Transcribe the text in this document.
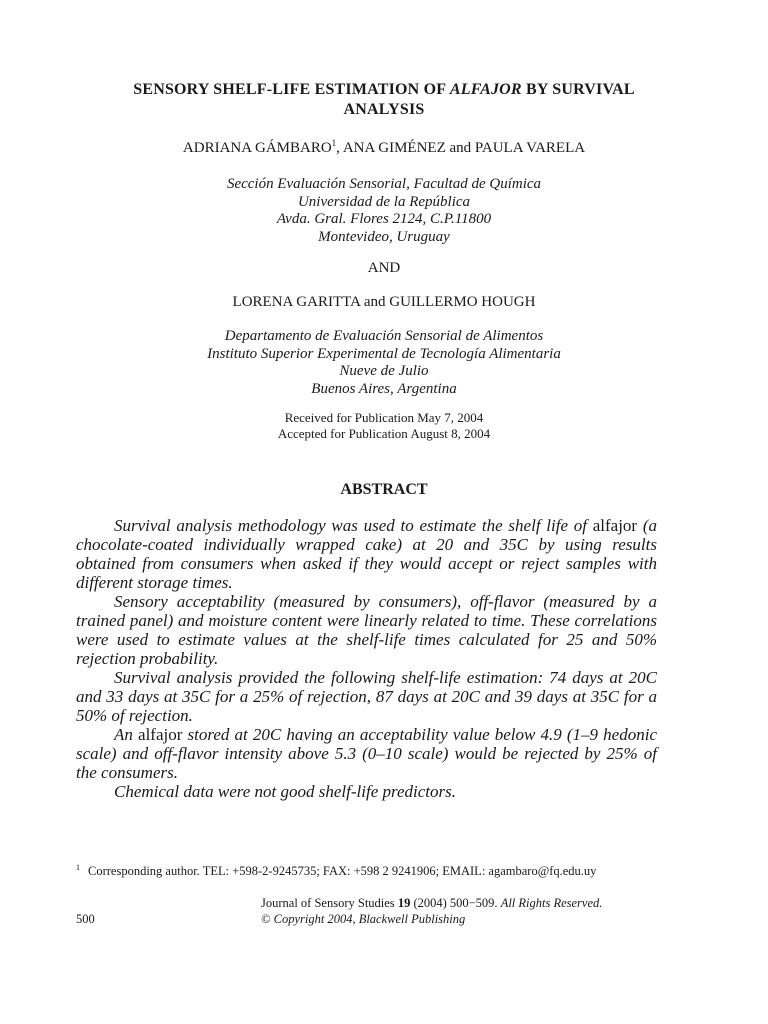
SENSORY SHELF-LIFE ESTIMATION OF ALFAJOR BY SURVIVAL
ANALYSIS
ADRIANA GÁMBARO$^1$, ANA GIMÉNEZ and PAULA VARELA
Sección Evaluación Sensorial, Facultad de Química
Universidad de la República
Avda. Gral. Flores 2124, C.P.11800
Montevideo, Uruguay
AND
LORENA GARITTA and GUILLERMO HOUGH
Departamento de Evaluación Sensorial de Alimentos
Instituto Superior Experimental de Tecnología Alimentaria
Nueve de Julio
Buenos Aires, Argentina
Received for Publication May 7, 2004
Accepted for Publication August 8, 2004
ABSTRACT

Survival analysis methodology was used to estimate the shelf life of alfajor (a chocolate-coated individually wrapped cake) at 20 and 35C by using results obtained from consumers when asked if they would accept or reject samples with different storage times.

Sensory acceptability (measured by consumers), off-flavor (measured by a trained panel) and moisture content were linearly related to time. These correlations were used to estimate values at the shelf-life times calculated for 25 and 50% rejection probability.

Survival analysis provided the following shelf-life estimation: 74 days at 20C and 33 days at 35C for a 25% of rejection, 87 days at 20C and 39 days at 35C for a 50% of rejection.

An alfajor stored at 20C having an acceptability value below 4.9 (1–9 hedonic scale) and off-flavor intensity above 5.3 (0–10 scale) would be rejected by 25% of the consumers.

Chemical data were not good shelf-life predictors.

$^1$ Corresponding author. TEL: +598-2-9245735; FAX: +598 2 9241906; EMAIL: agambaro@fq.edu.uy
Journal of Sensory Studies 19 (2004) 500−509. All Rights Reserved.
500	© Copyright 2004, Blackwell Publishing
